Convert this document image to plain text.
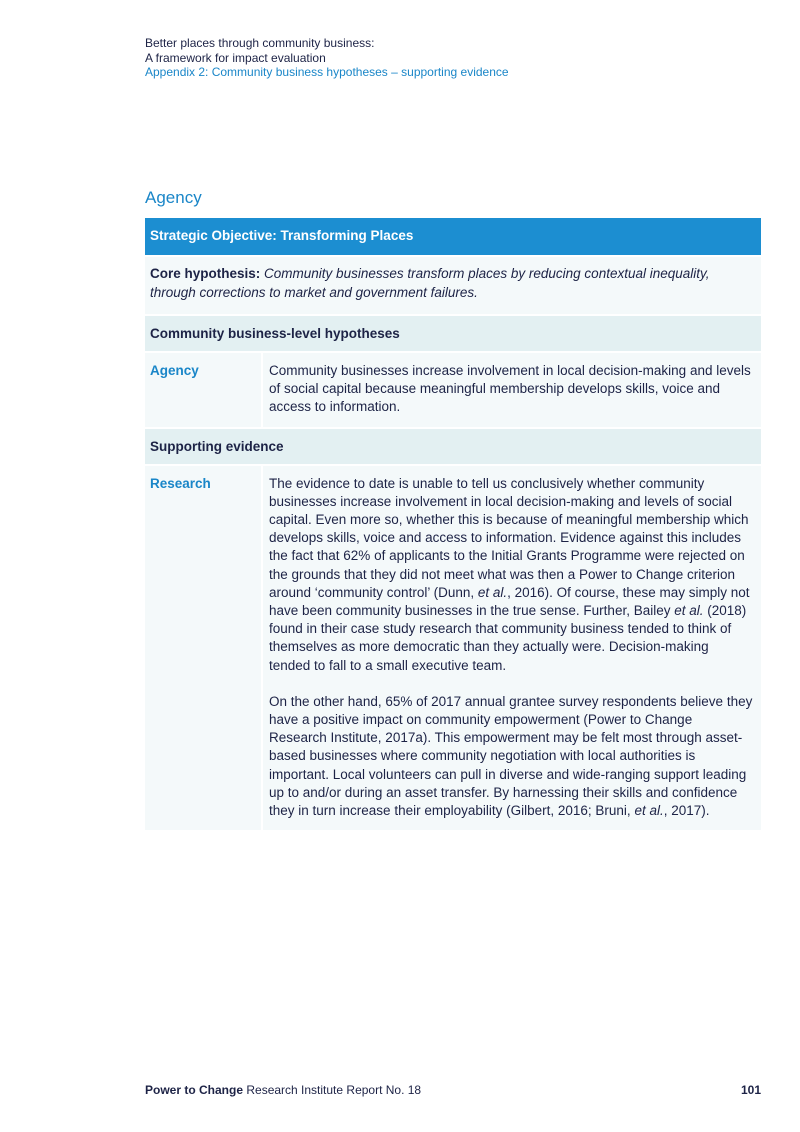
Better places through community business:
A framework for impact evaluation
Appendix 2: Community business hypotheses – supporting evidence
Agency
Strategic Objective: Transforming Places
Core hypothesis: Community businesses transform places by reducing contextual inequality, through corrections to market and government failures.
Community business-level hypotheses
Agency	Community businesses increase involvement in local decision-making and levels of social capital because meaningful membership develops skills, voice and access to information.

Supporting evidence
Research	The evidence to date is unable to tell us conclusively whether community businesses increase involvement in local decision-making and levels of social capital. Even more so, whether this is because of meaningful membership which develops skills, voice and access to information. Evidence against this includes the fact that 62% of applicants to the Initial Grants Programme were rejected on the grounds that they did not meet what was then a Power to Change criterion around ‘community control’ (Dunn, et al., 2016). Of course, these may simply not have been community businesses in the true sense. Further, Bailey et al. (2018) found in their case study research that community business tended to think of themselves as more democratic than they actually were. Decision-making tended to fall to a small executive team.

On the other hand, 65% of 2017 annual grantee survey respondents believe they have a positive impact on community empowerment (Power to Change Research Institute, 2017a). This empowerment may be felt most through asset-based businesses where community negotiation with local authorities is important. Local volunteers can pull in diverse and wide-ranging support leading up to and/or during an asset transfer. By harnessing their skills and confidence they in turn increase their employability (Gilbert, 2016; Bruni, et al., 2017).

Power to Change Research Institute Report No. 18	101
